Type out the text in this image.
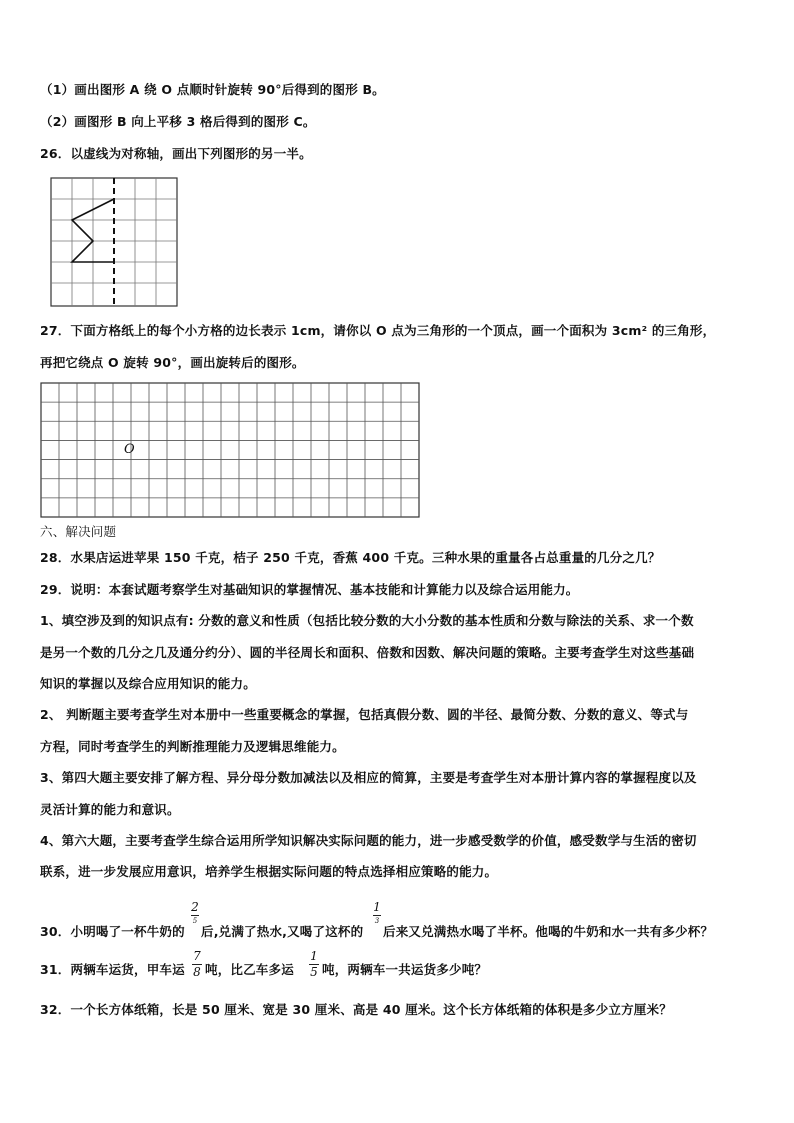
（1）画出图形 A 绕 O 点顺时针旋转 90°后得到的图形 B。
（2）画图形 B 向上平移 3 格后得到的图形 C。
26．以虚线为对称轴，画出下列图形的另一半。
27．下面方格纸上的每个小方格的边长表示 1cm，请你以 O 点为三角形的一个顶点，画一个面积为 3cm² 的三角形，
再把它绕点 O 旋转 90°，画出旋转后的图形。
O
六、解决问题
28．水果店运进苹果 150 千克，桔子 250 千克，香蕉 400 千克。三种水果的重量各占总重量的几分之几？
29．说明：本套试题考察学生对基础知识的掌握情况、基本技能和计算能力以及综合运用能力。
1、填空涉及到的知识点有: 分数的意义和性质（包括比较分数的大小分数的基本性质和分数与除法的关系、求一个数
是另一个数的几分之几及通分约分）、圆的半径周长和面积、倍数和因数、解决问题的策略。主要考查学生对这些基础
知识的掌握以及综合应用知识的能力。
2、 判断题主要考查学生对本册中一些重要概念的掌握，包括真假分数、圆的半径、最简分数、分数的意义、等式与
方程，同时考查学生的判断推理能力及逻辑思维能力。
3、第四大题主要安排了解方程、异分母分数加减法以及相应的简算，主要是考查学生对本册计算内容的掌握程度以及
灵活计算的能力和意识。
4、第六大题，主要考查学生综合运用所学知识解决实际问题的能力，进一步感受数学的价值，感受数学与生活的密切
联系，进一步发展应用意识，培养学生根据实际问题的特点选择相应策略的能力。
30．小明喝了一杯牛奶的
2
5
后,兑满了热水,又喝了这杯的
1
3
后来又兑满热水喝了半杯。他喝的牛奶和水一共有多少杯？
31．两辆车运货，甲车运
7
8 吨，比乙车多运
1
5 吨，两辆车一共运货多少吨？
32．一个长方体纸箱，长是 50 厘米、宽是 30 厘米、高是 40 厘米。这个长方体纸箱的体积是多少立方厘米？
